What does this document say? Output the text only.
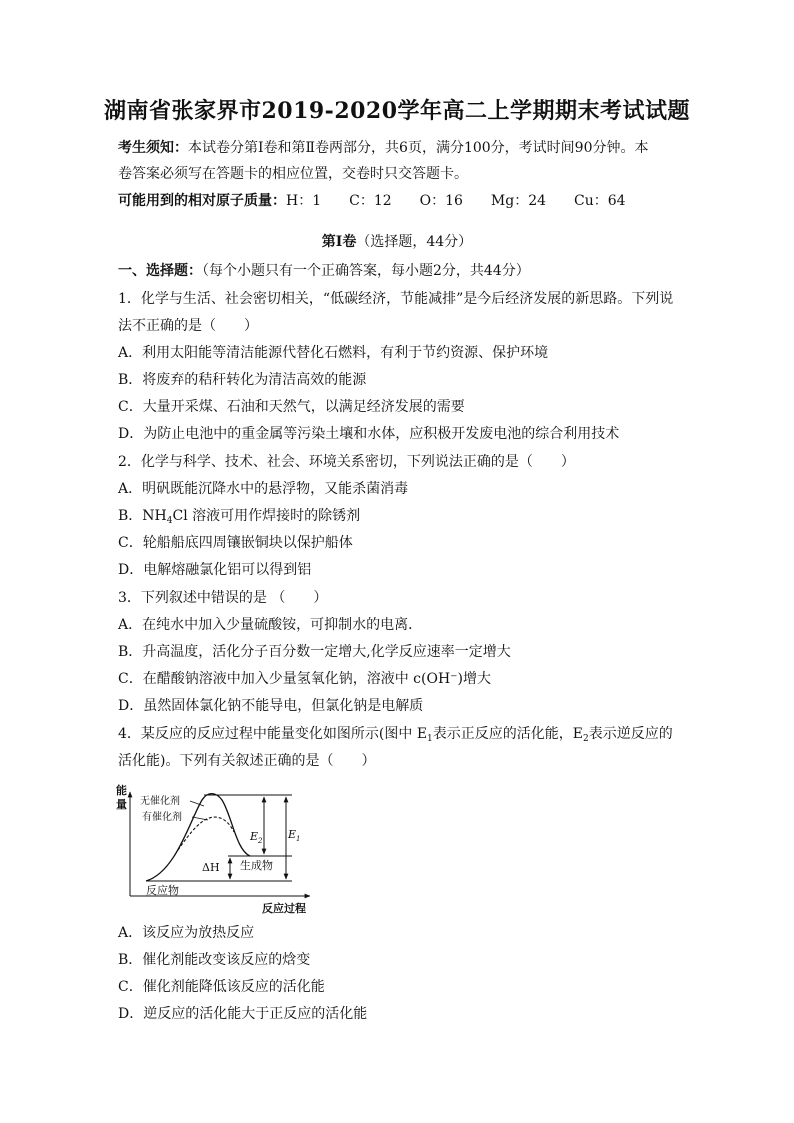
湖南省张家界市2019-2020学年高二上学期期末考试试题
考生须知：本试卷分第Ⅰ卷和第Ⅱ卷两部分，共6页，满分100分，考试时间90分钟。本
卷答案必须写在答题卡的相应位置，交卷时只交答题卡。
可能用到的相对原子质量：H：1　　C：12　　O：16　　Mg：24　　Cu：64
第Ⅰ卷（选择题，44分）
一、选择题：（每个小题只有一个正确答案，每小题2分，共44分）
1．化学与生活、社会密切相关，“低碳经济，节能减排”是今后经济发展的新思路。下列说
法不正确的是（　　）
A．利用太阳能等清洁能源代替化石燃料，有利于节约资源、保护环境
B．将废弃的秸秆转化为清洁高效的能源
C．大量开采煤、石油和天然气，以满足经济发展的需要
D．为防止电池中的重金属等污染土壤和水体，应积极开发废电池的综合利用技术
2．化学与科学、技术、社会、环境关系密切，下列说法正确的是（　　）
A．明矾既能沉降水中的悬浮物，又能杀菌消毒
B．$NH_4Cl$ 溶液可用作焊接时的除锈剂
C．轮船船底四周镶嵌铜块以保护船体
D．电解熔融氯化铝可以得到铝
3．下列叙述中错误的是 （　　）
A．在纯水中加入少量硫酸铵，可抑制水的电离．
B．升高温度，活化分子百分数一定增大,化学反应速率一定增大
C．在醋酸钠溶液中加入少量氢氧化钠，溶液中 c(OH⁻)增大
D．虽然固体氯化钠不能导电，但氯化钠是电解质
4．某反应的反应过程中能量变化如图所示(图中 $E_1$表示正反应的活化能，$E_2$表示逆反应的
活化能)。下列有关叙述正确的是（　　）
能
量
反应过程
无催化剂
有催化剂
$E_2$ $E_1$
ΔH 生成物
反应物
A．该反应为放热反应
B．催化剂能改变该反应的焓变
C．催化剂能降低该反应的活化能
D．逆反应的活化能大于正反应的活化能
